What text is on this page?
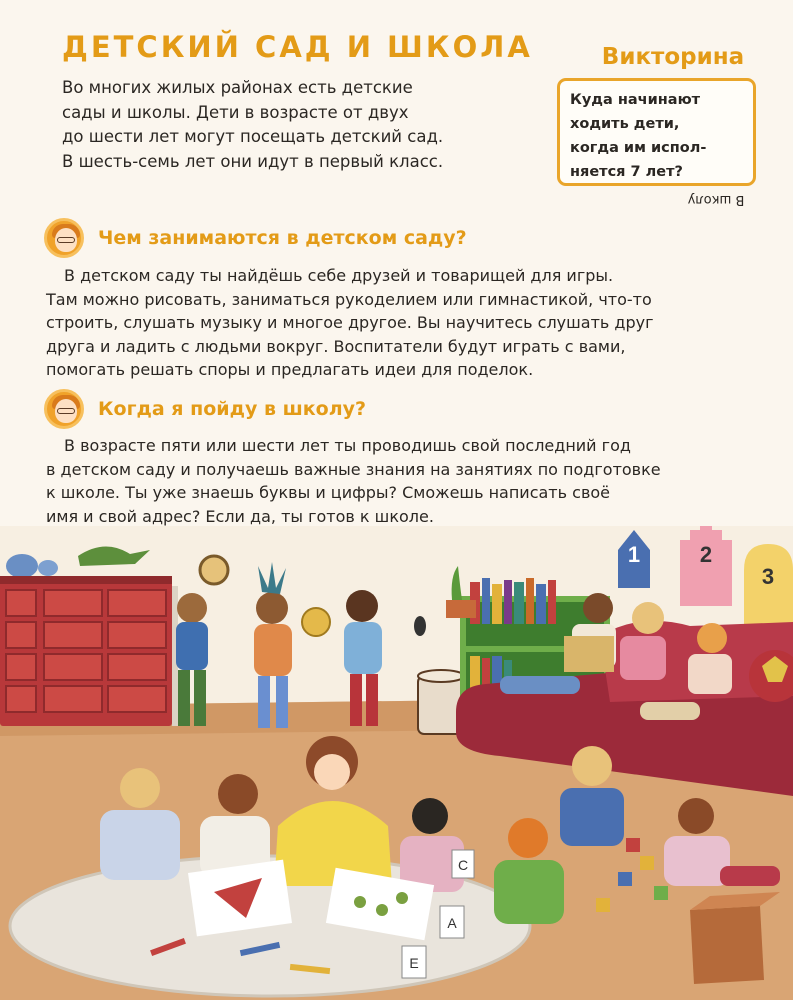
ДЕТСКИЙ САД И ШКОЛА
Во многих жилых районах есть детские
сады и школы. Дети в возрасте от двух
до шести лет могут посещать детский сад.
В шесть-семь лет они идут в первый класс.
Викторина
Куда начинают
ходить дети,
когда им испол-
няется 7 лет?
В школу
Чем занимаются в детском саду?
В детском саду ты найдёшь себе друзей и товарищей для игры.
Там можно рисовать, заниматься рукоделием или гимнастикой, что-то
строить, слушать музыку и многое другое. Вы научитесь слушать друг
друга и ладить с людьми вокруг. Воспитатели будут играть с вами,
помогать решать споры и предлагать идеи для поделок.
Когда я пойду в школу?
В возрасте пяти или шести лет ты проводишь свой последний год
в детском саду и получаешь важные знания на занятиях по подготовке
к школе. Ты уже знаешь буквы и цифры? Сможешь написать своё
имя и свой адрес? Если да, ты готов к школе.
1	2
3
C
A
E
